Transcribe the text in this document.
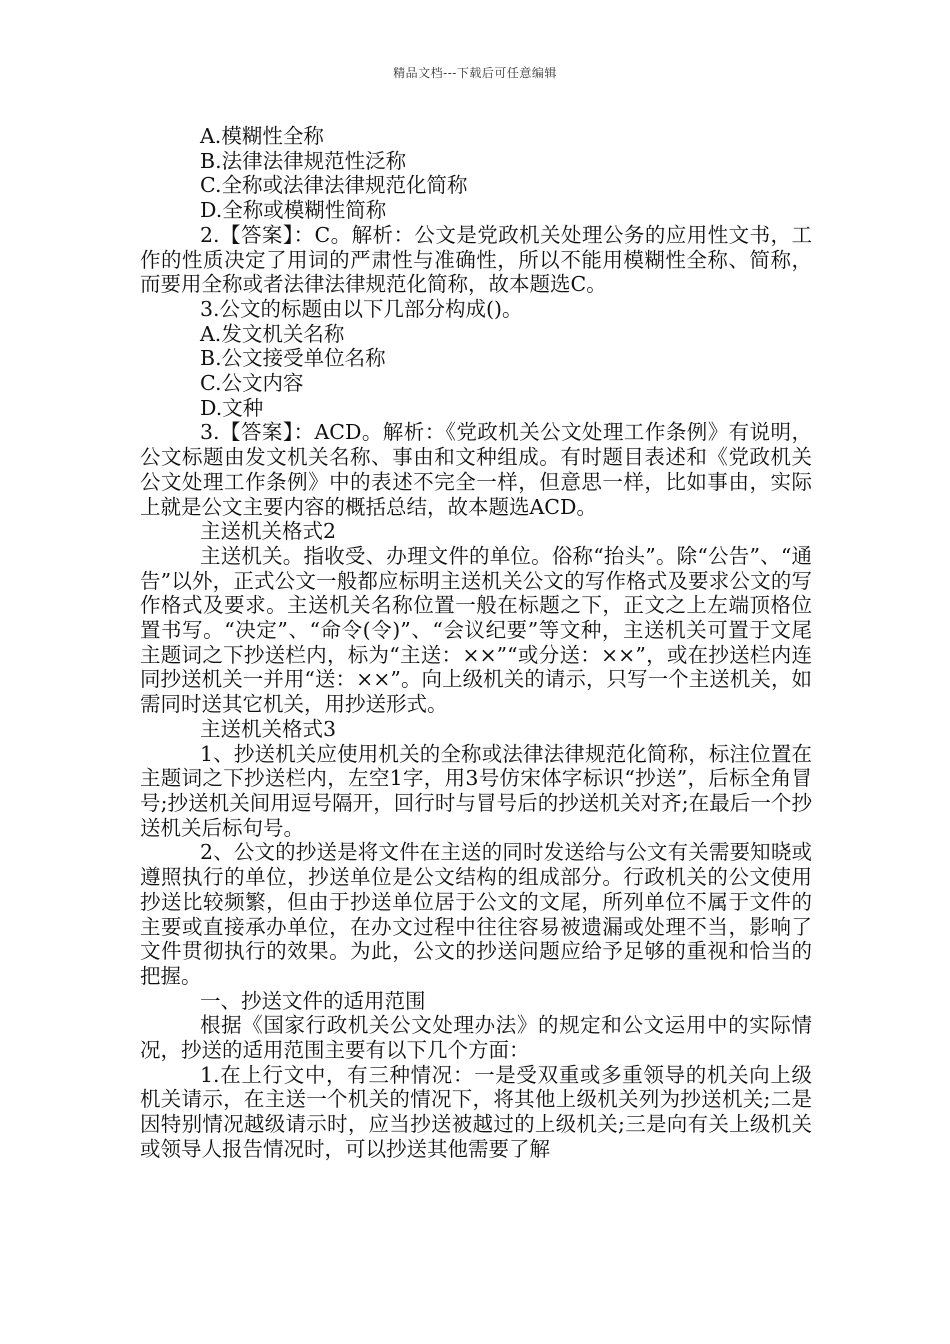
精品文档---下载后可任意编辑

A.模糊性全称

B.法律法律规范性泛称

C.全称或法律法律规范化简称

D.全称或模糊性简称

2.【答案】：C。解析：公文是党政机关处理公务的应用性文书，工作的性质决定了用词的严肃性与准确性，所以不能用模糊性全称、简称，而要用全称或者法律法律规范化简称，故本题选C。

3.公文的标题由以下几部分构成()。

A.发文机关名称

B.公文接受单位名称

C.公文内容

D.文种

3.【答案】：ACD。解析：《党政机关公文处理工作条例》有说明，公文标题由发文机关名称、事由和文种组成。有时题目表述和《党政机关公文处理工作条例》中的表述不完全一样，但意思一样，比如事由，实际上就是公文主要内容的概括总结，故本题选ACD。

主送机关格式2

主送机关。指收受、办理文件的单位。俗称“抬头”。除“公告”、“通告”以外，正式公文一般都应标明主送机关公文的写作格式及要求公文的写作格式及要求。主送机关名称位置一般在标题之下，正文之上左端顶格位置书写。“决定”、“命令(令)”、“会议纪要”等文种，主送机关可置于文尾主题词之下抄送栏内，标为“主送：××”“或分送：××”，或在抄送栏内连同抄送机关一并用“送：××”。向上级机关的请示，只写一个主送机关，如需同时送其它机关，用抄送形式。

主送机关格式3

1、抄送机关应使用机关的全称或法律法律规范化简称，标注位置在主题词之下抄送栏内，左空1字，用3号仿宋体字标识“抄送”，后标全角冒号;抄送机关间用逗号隔开，回行时与冒号后的抄送机关对齐;在最后一个抄送机关后标句号。

2、公文的抄送是将文件在主送的同时发送给与公文有关需要知晓或遵照执行的单位，抄送单位是公文结构的组成部分。行政机关的公文使用抄送比较频繁，但由于抄送单位居于公文的文尾，所列单位不属于文件的主要或直接承办单位，在办文过程中往往容易被遗漏或处理不当，影响了文件贯彻执行的效果。为此，公文的抄送问题应给予足够的重视和恰当的把握。

一、抄送文件的适用范围

根据《国家行政机关公文处理办法》的规定和公文运用中的实际情况，抄送的适用范围主要有以下几个方面：

1.在上行文中，有三种情况：一是受双重或多重领导的机关向上级机关请示，在主送一个机关的情况下，将其他上级机关列为抄送机关;二是因特别情况越级请示时，应当抄送被越过的上级机关;三是向有关上级机关或领导人报告情况时，可以抄送其他需要了解
